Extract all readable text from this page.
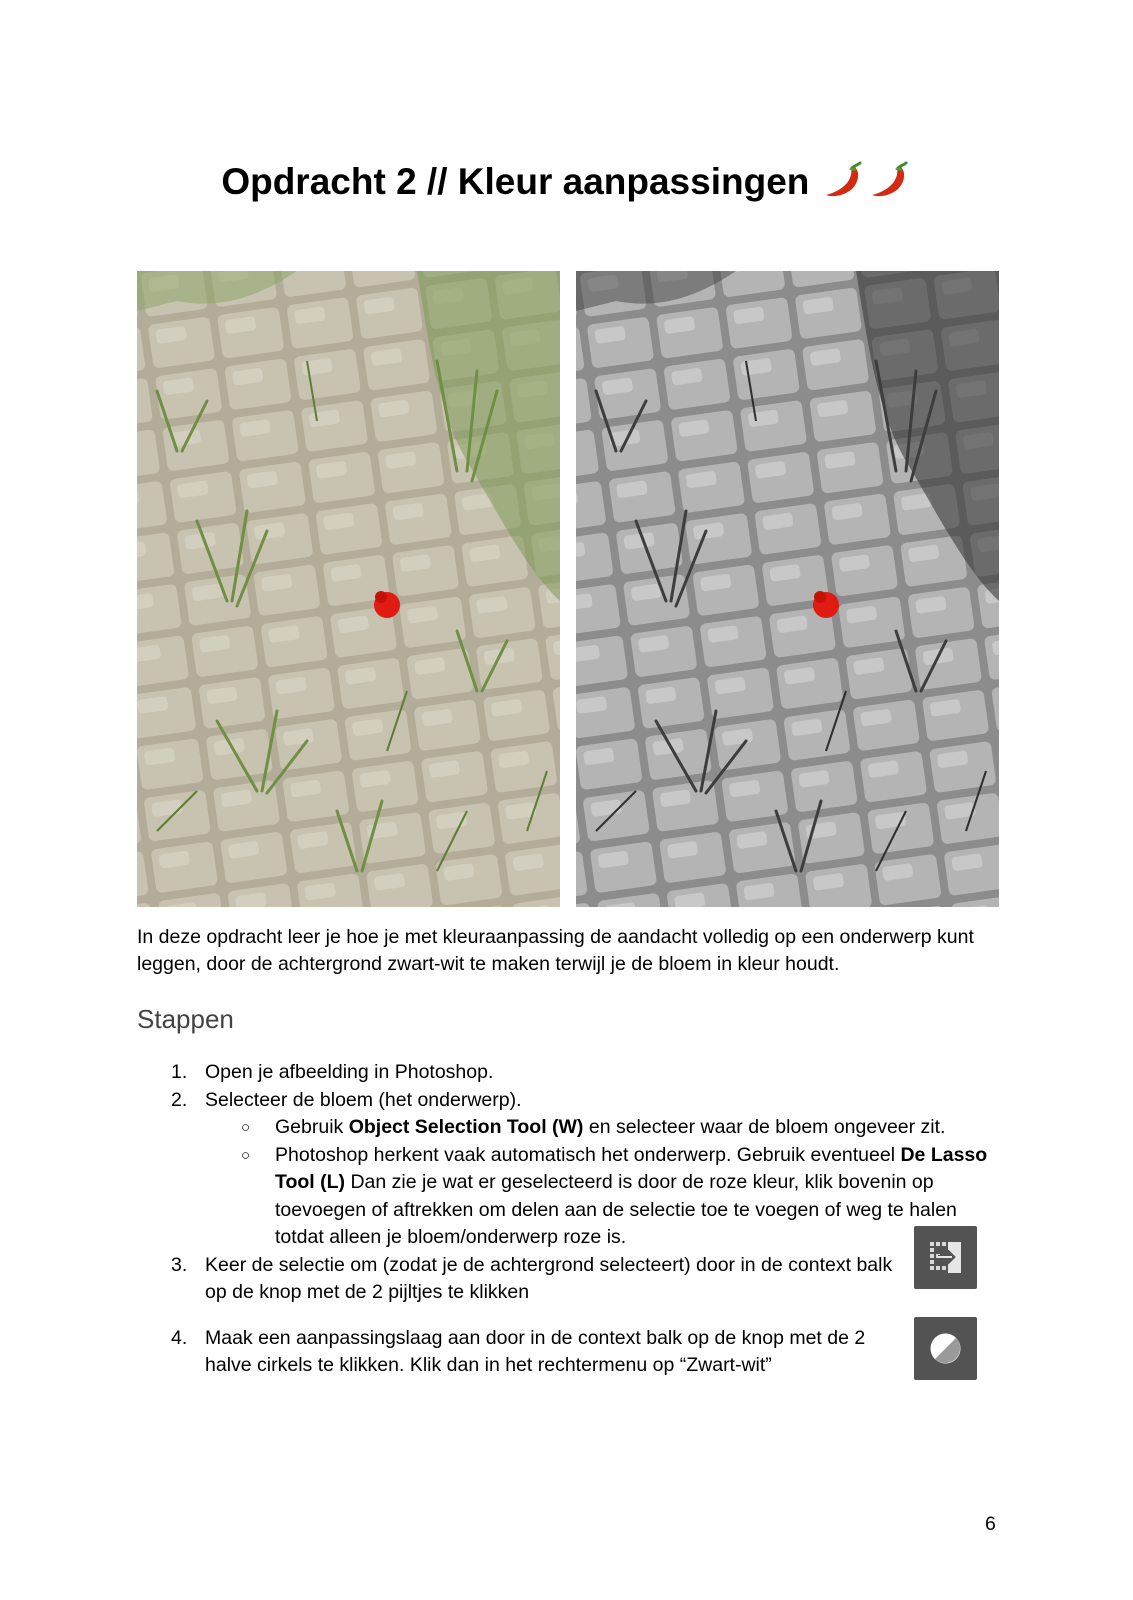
Opdracht 2 // Kleur aanpassingen

In deze opdracht leer je hoe je met kleuraanpassing de aandacht volledig op een onderwerp kunt leggen, door de achtergrond zwart-wit te maken terwijl je de bloem in kleur houdt.

Stappen
1. Open je afbeelding in Photoshop.
2. Selecteer de bloem (het onderwerp).
○ Gebruik Object Selection Tool (W) en selecteer waar de bloem ongeveer zit.
○ Photoshop herkent vaak automatisch het onderwerp. Gebruik eventueel De Lasso Tool (L) Dan zie je wat er geselecteerd is door de roze kleur, klik bovenin op toevoegen of aftrekken om delen aan de selectie toe te voegen of weg te halen totdat alleen je bloem/onderwerp roze is.
3. Keer de selectie om (zodat je de achtergrond selecteert) door in de context balk op de knop met de 2 pijltjes te klikken
4. Maak een aanpassingslaag aan door in de context balk op de knop met de 2 halve cirkels te klikken. Klik dan in het rechtermenu op “Zwart-wit”
6
